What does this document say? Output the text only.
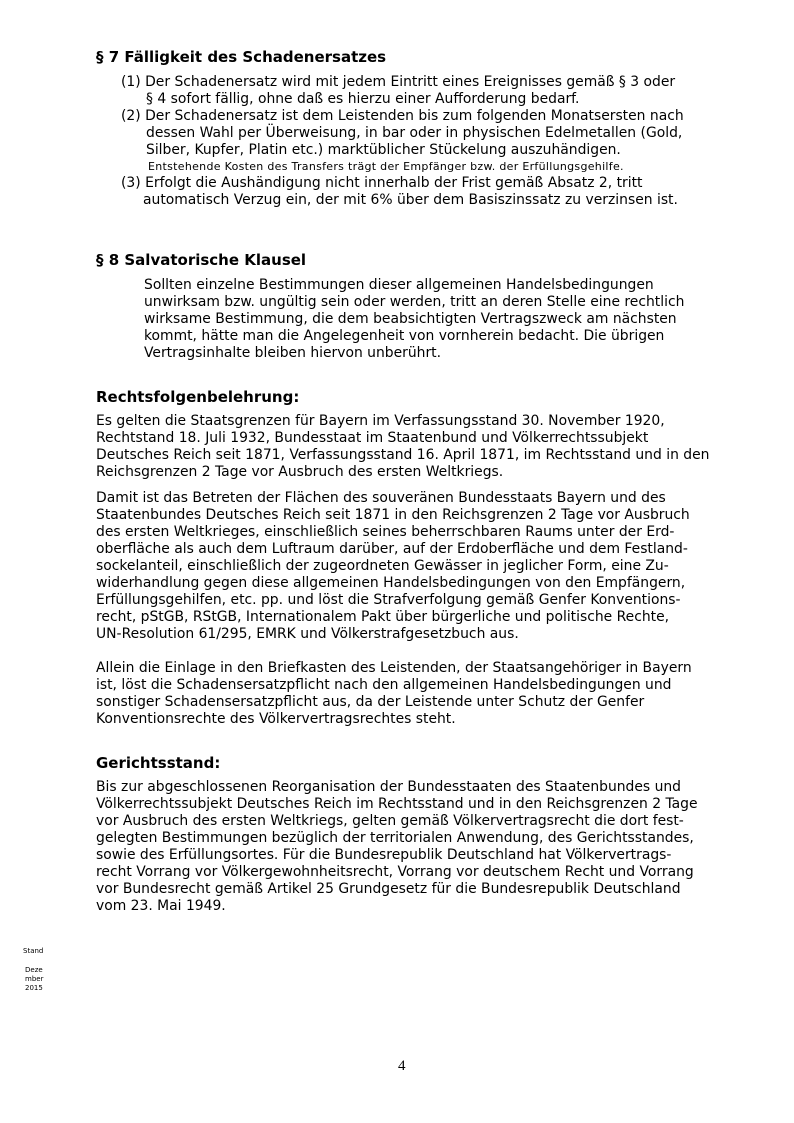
§ 7 Fälligkeit des Schadenersatzes
(1) Der Schadenersatz wird mit jedem Eintritt eines Ereignisses gemäß § 3 oder
§ 4 sofort fällig, ohne daß es hierzu einer Aufforderung bedarf.
(2) Der Schadenersatz ist dem Leistenden bis zum folgenden Monatsersten nach
dessen Wahl per Überweisung, in bar oder in physischen Edelmetallen (Gold,
Silber, Kupfer, Platin etc.) marktüblicher Stückelung auszuhändigen.
Entstehende Kosten des Transfers trägt der Empfänger bzw. der Erfüllungsgehilfe.
(3) Erfolgt die Aushändigung nicht innerhalb der Frist gemäß Absatz 2, tritt
automatisch Verzug ein, der mit 6% über dem Basiszinssatz zu verzinsen ist.
§ 8 Salvatorische Klausel
Sollten einzelne Bestimmungen dieser allgemeinen Handelsbedingungen
unwirksam bzw. ungültig sein oder werden, tritt an deren Stelle eine rechtlich
wirksame Bestimmung, die dem beabsichtigten Vertragszweck am nächsten
kommt, hätte man die Angelegenheit von vornherein bedacht. Die übrigen
Vertragsinhalte bleiben hiervon unberührt.
Rechtsfolgenbelehrung:
Es gelten die Staatsgrenzen für Bayern im Verfassungsstand 30. November 1920,
Rechtstand 18. Juli 1932, Bundesstaat im Staatenbund und Völkerrechtssubjekt
Deutsches Reich seit 1871, Verfassungsstand 16. April 1871, im Rechtsstand und in den
Reichsgrenzen 2 Tage vor Ausbruch des ersten Weltkriegs.
Damit ist das Betreten der Flächen des souveränen Bundesstaats Bayern und des
Staatenbundes Deutsches Reich seit 1871 in den Reichsgrenzen 2 Tage vor Ausbruch
des ersten Weltkrieges, einschließlich seines beherrschbaren Raums unter der Erd-
oberfläche als auch dem Luftraum darüber, auf der Erdoberfläche und dem Festland-
sockelanteil, einschließlich der zugeordneten Gewässer in jeglicher Form, eine Zu-
widerhandlung gegen diese allgemeinen Handelsbedingungen von den Empfängern,
Erfüllungsgehilfen, etc. pp. und löst die Strafverfolgung gemäß Genfer Konventions-
recht, pStGB, RStGB, Internationalem Pakt über bürgerliche und politische Rechte,
UN-Resolution 61/295, EMRK und Völkerstrafgesetzbuch aus.
Allein die Einlage in den Briefkasten des Leistenden, der Staatsangehöriger in Bayern
ist, löst die Schadensersatzpflicht nach den allgemeinen Handelsbedingungen und
sonstiger Schadensersatzpflicht aus, da der Leistende unter Schutz der Genfer
Konventionsrechte des Völkervertragsrechtes steht.
Gerichtsstand:
Bis zur abgeschlossenen Reorganisation der Bundesstaaten des Staatenbundes und
Völkerrechtssubjekt Deutsches Reich im Rechtsstand und in den Reichsgrenzen 2 Tage
vor Ausbruch des ersten Weltkriegs, gelten gemäß Völkervertragsrecht die dort fest-
gelegten Bestimmungen bezüglich der territorialen Anwendung, des Gerichtsstandes,
sowie des Erfüllungsortes. Für die Bundesrepublik Deutschland hat Völkervertrags-
recht Vorrang vor Völkergewohnheitsrecht, Vorrang vor deutschem Recht und Vorrang
vor Bundesrecht gemäß Artikel 25 Grundgesetz für die Bundesrepublik Deutschland
vom 23. Mai 1949.
Stand
Deze
mber
2015
4
